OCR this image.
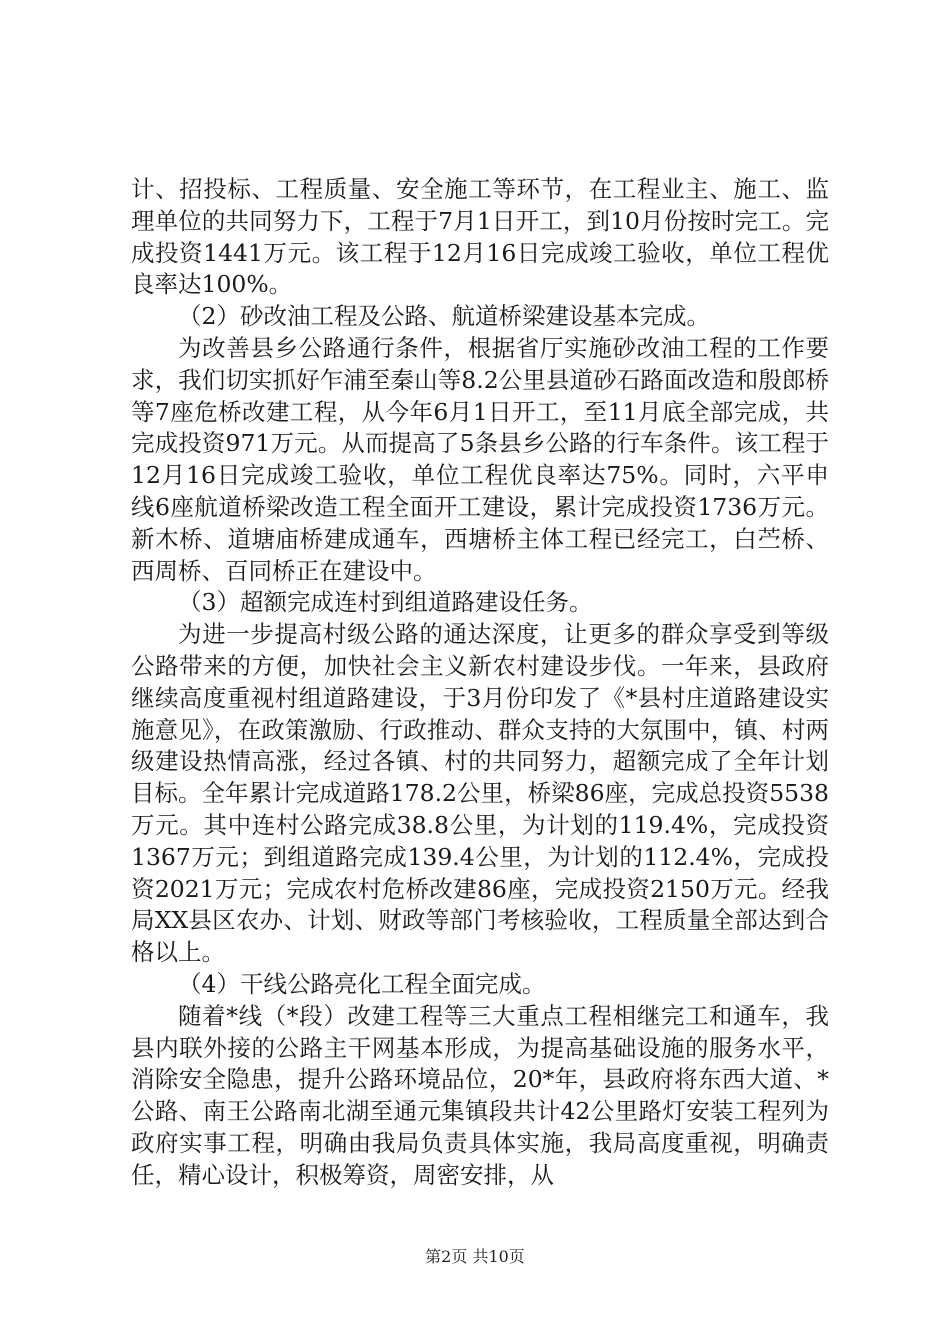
计、招投标、工程质量、安全施工等环节，在工程业主、施工、监理单位的共同努力下，工程于7月1日开工，到10月份按时完工。完成投资1441万元。该工程于12月16日完成竣工验收，单位工程优良率达100%。

（2）砂改油工程及公路、航道桥梁建设基本完成。

为改善县乡公路通行条件，根据省厅实施砂改油工程的工作要求，我们切实抓好乍浦至秦山等8.2公里县道砂石路面改造和殷郎桥等7座危桥改建工程，从今年6月1日开工，至11月底全部完成，共完成投资971万元。从而提高了5条县乡公路的行车条件。该工程于12月16日完成竣工验收，单位工程优良率达75%。同时，六平申线6座航道桥梁改造工程全面开工建设，累计完成投资1736万元。新木桥、道塘庙桥建成通车，西塘桥主体工程已经完工，白苎桥、西周桥、百同桥正在建设中。

（3）超额完成连村到组道路建设任务。

为进一步提高村级公路的通达深度，让更多的群众享受到等级公路带来的方便，加快社会主义新农村建设步伐。一年来，县政府继续高度重视村组道路建设，于3月份印发了《*县村庄道路建设实施意见》，在政策激励、行政推动、群众支持的大氛围中，镇、村两级建设热情高涨，经过各镇、村的共同努力，超额完成了全年计划目标。全年累计完成道路178.2公里，桥梁86座，完成总投资5538万元。其中连村公路完成38.8公里，为计划的119.4%，完成投资1367万元；到组道路完成139.4公里，为计划的112.4%，完成投资2021万元；完成农村危桥改建86座，完成投资2150万元。经我局XX县区农办、计划、财政等部门考核验收，工程质量全部达到合格以上。

（4）干线公路亮化工程全面完成。

随着*线（*段）改建工程等三大重点工程相继完工和通车，我县内联外接的公路主干网基本形成，为提高基础设施的服务水平，消除安全隐患，提升公路环境品位，20*年，县政府将东西大道、*公路、南王公路南北湖至通元集镇段共计42公里路灯安装工程列为政府实事工程，明确由我局负责具体实施，我局高度重视，明确责任，精心设计，积极筹资，周密安排，从

第2页 共10页
